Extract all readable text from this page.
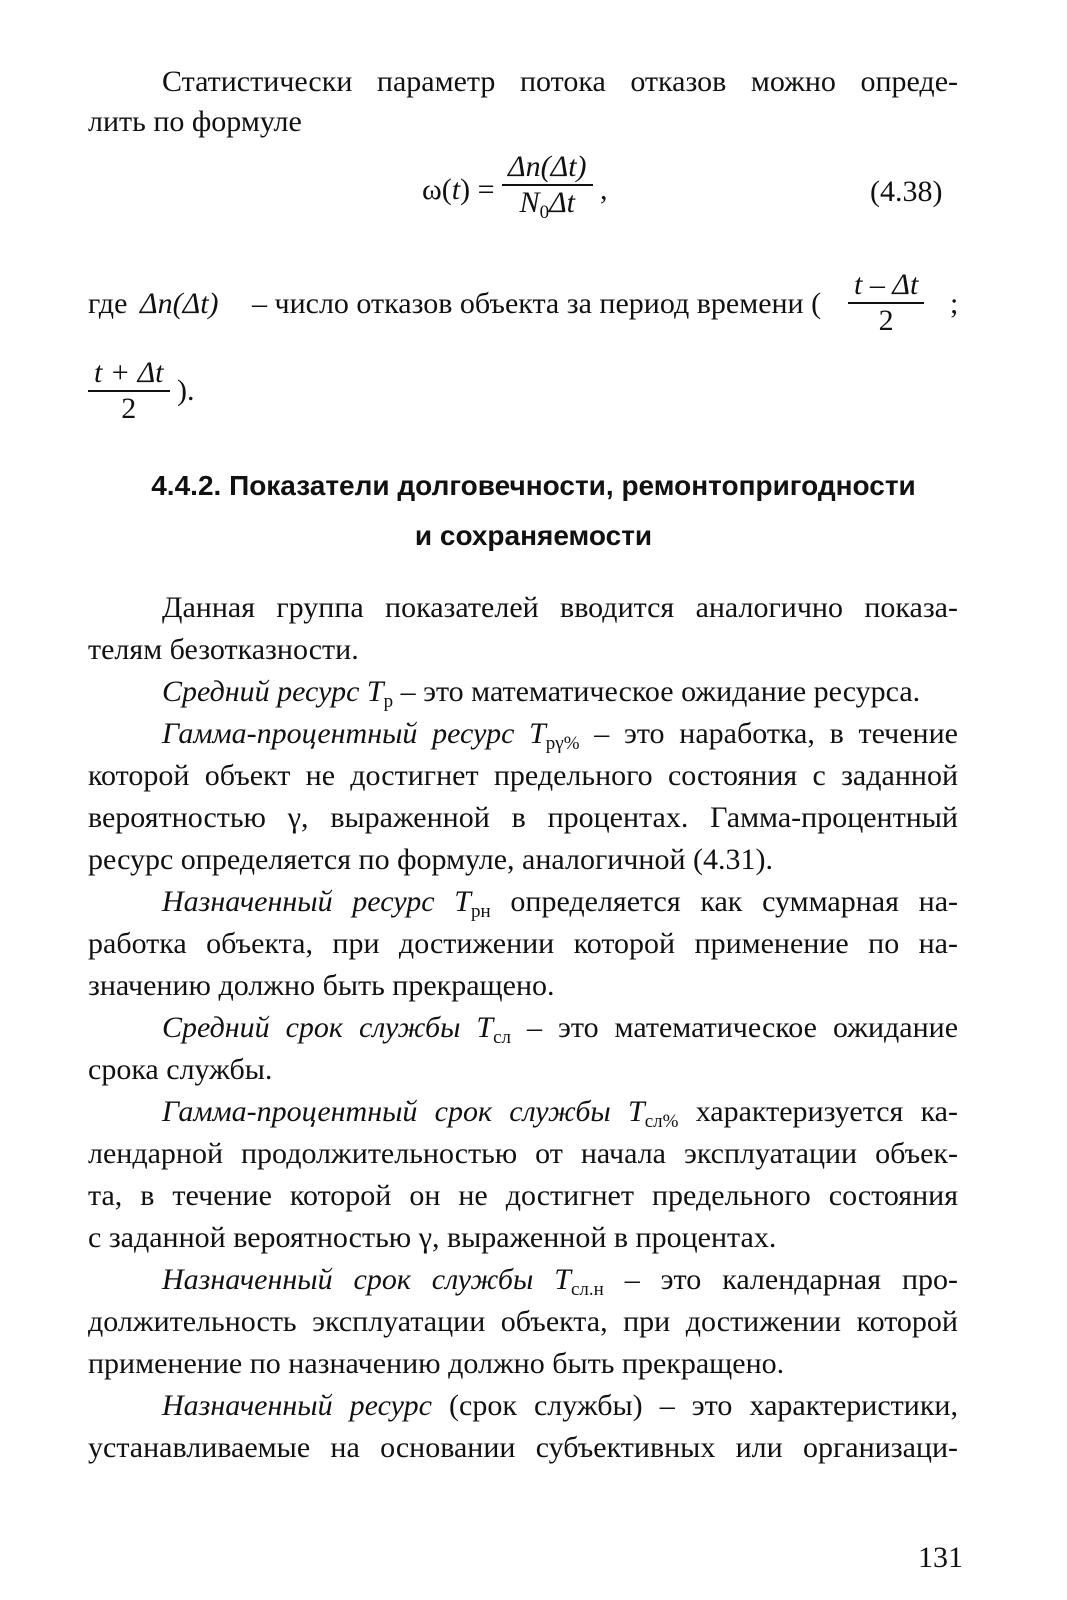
Статистически параметр потока отказов можно опреде-
лить по формуле
$\omega(t) = \frac{\Delta n(\Delta t)}{N_0\Delta t}$ ,	(4.38)
где Δn(Δt) – число отказов объекта за период времени (
t – Δt
2
;
$\frac{t + \Delta t}{2}$ ).
4.4.2. Показатели долговечности, ремонтопригодности
и сохраняемости
Данная группа показателей вводится аналогично показа-
телям безотказности.
Средний ресурс $T_р$ – это математическое ожидание ресурса.
Гамма-процентный ресурс $T_{р\gamma\%}$ – это наработка, в течение
которой объект не достигнет предельного состояния с заданной
вероятностью γ, выраженной в процентах. Гамма-процентный
ресурс определяется по формуле, аналогичной (4.31).
Назначенный ресурс $T_{рн}$ определяется как суммарная на-
работка объекта, при достижении которой применение по на-
значению должно быть прекращено.
Средний срок службы $T_{сл}$ – это математическое ожидание
срока службы.
Гамма-процентный срок службы $T_{сл\%}$ характеризуется ка-
лендарной продолжительностью от начала эксплуатации объек-
та, в течение которой он не достигнет предельного состояния
с заданной вероятностью γ, выраженной в процентах.
Назначенный срок службы $T_{сл.н}$ – это календарная про-
должительность эксплуатации объекта, при достижении которой
применение по назначению должно быть прекращено.
Назначенный ресурс (срок службы) – это характеристики,
устанавливаемые на основании субъективных или организаци-
131
